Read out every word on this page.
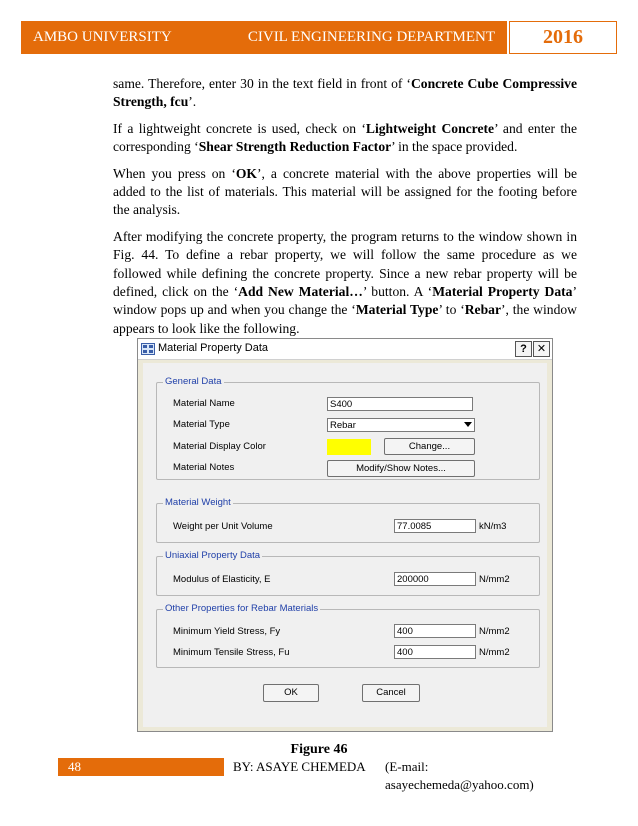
AMBO UNIVERSITY	CIVIL ENGINEERING DEPARTMENT	2016

same. Therefore, enter 30 in the text field in front of ‘Concrete Cube Compressive Strength, fcu’.

If a lightweight concrete is used, check on ‘Lightweight Concrete’ and enter the corresponding ‘Shear Strength Reduction Factor’ in the space provided.

When you press on ‘OK’, a concrete material with the above properties will be added to the list of materials. This material will be assigned for the footing before the analysis.

After modifying the concrete property, the program returns to the window shown in Fig. 44. To define a rebar property, we will follow the same procedure as we followed while defining the concrete property. Since a new rebar property will be defined, click on the ‘Add New Material…’ button. A ‘Material Property Data’ window pops up and when you change the ‘Material Type’ to ‘Rebar’, the window appears to look like the following.

Material Property Data	? ✕
General Data
Material Name	S400
Material Type	Rebar
Material Display Color	Change...
Material Notes	Modify/Show Notes...
Material Weight
Weight per Unit Volume	77.0085	kN/m3
Uniaxial Property Data
Modulus of Elasticity, E	200000	N/mm2
Other Properties for Rebar Materials
Minimum Yield Stress, Fy	400	N/mm2
Minimum Tensile Stress, Fu	400	N/mm2
OK	Cancel
Figure 46
48	BY: ASAYE CHEMEDA (E-mail: asayechemeda@yahoo.com)
